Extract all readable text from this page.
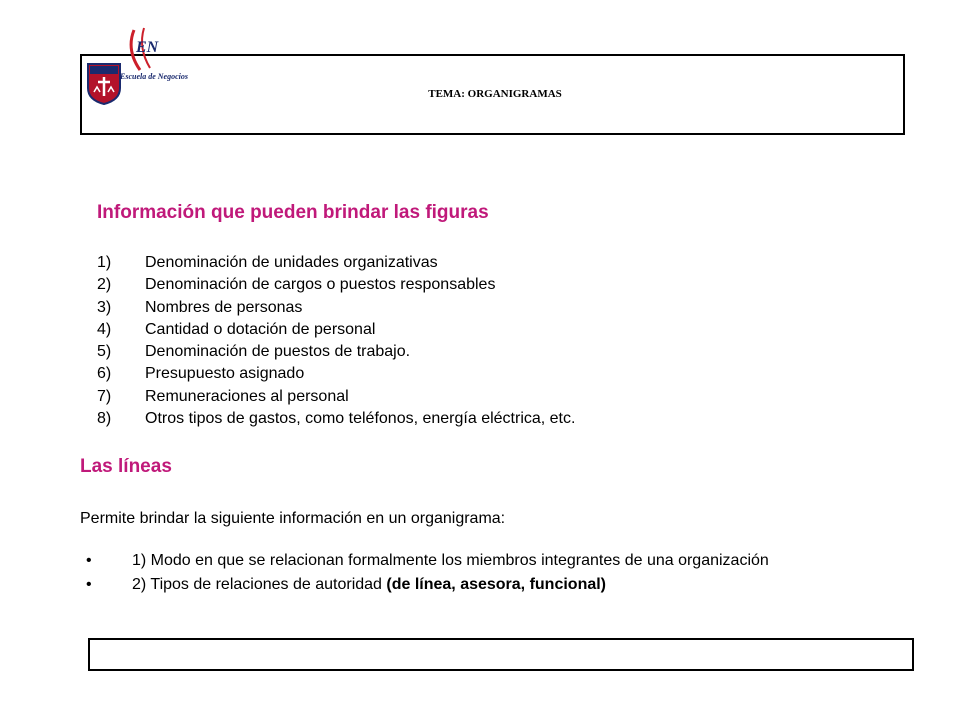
EN
Escuela de Negocios
TEMA: ORGANIGRAMAS
Información que pueden brindar las figuras
1) Denominación de unidades organizativas
2) Denominación de cargos o puestos responsables
3) Nombres de personas
4) Cantidad o dotación de personal
5) Denominación de puestos de trabajo.
6) Presupuesto asignado
7) Remuneraciones al personal
8) Otros tipos de gastos, como teléfonos, energía eléctrica, etc.
Las líneas
Permite brindar la siguiente información en un organigrama:
•	1) Modo en que se relacionan formalmente los miembros integrantes de una organización
•	2) Tipos de relaciones de autoridad (de línea, asesora, funcional)
